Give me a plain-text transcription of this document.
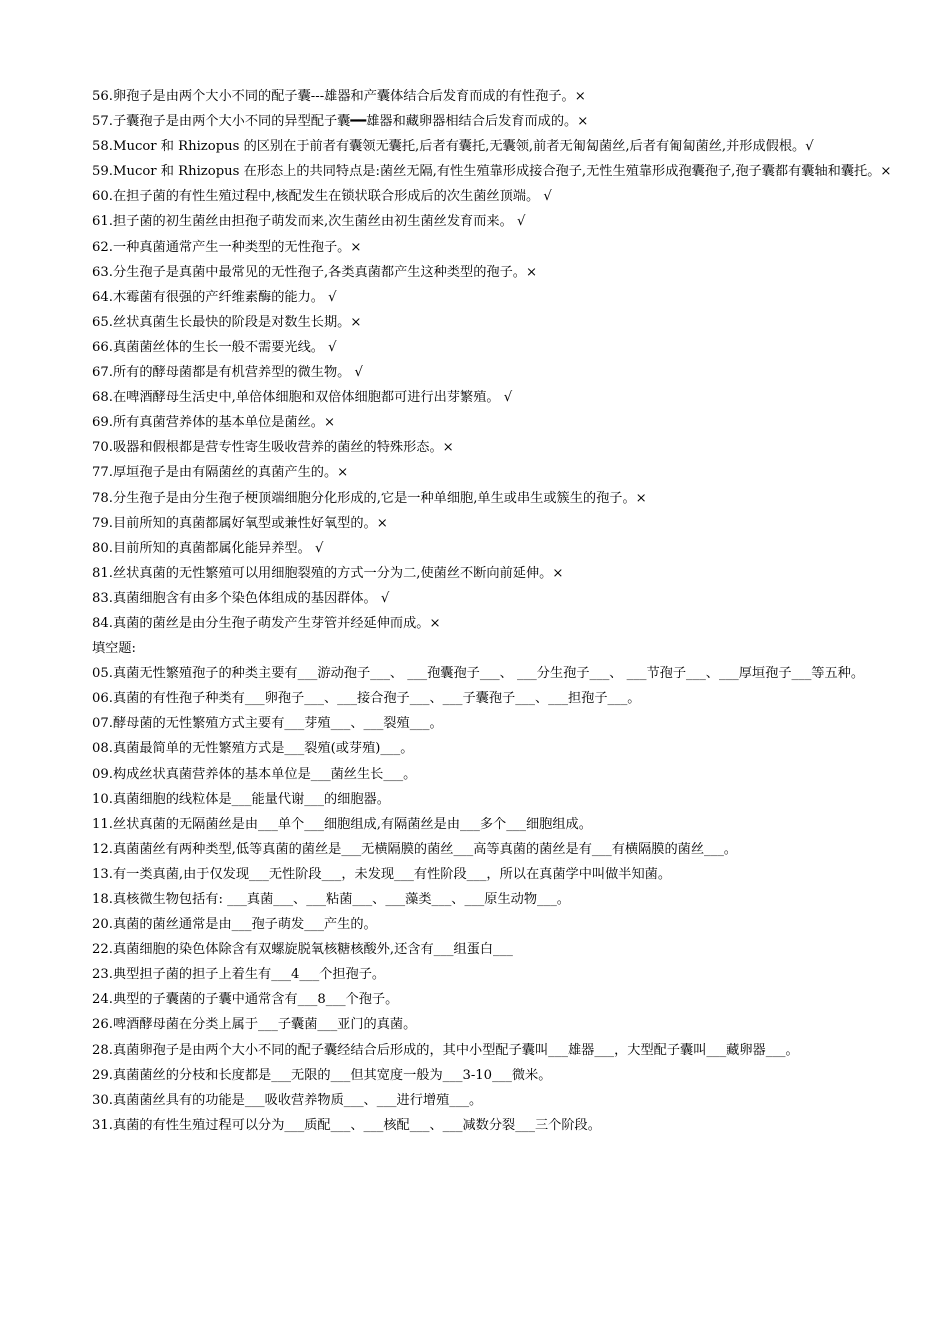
56.卵孢子是由两个大小不同的配子囊---雄器和产囊体结合后发育而成的有性孢子。×

57.子囊孢子是由两个大小不同的异型配子囊━━雄器和藏卵器相结合后发育而成的。×

58.Mucor 和 Rhizopus 的区别在于前者有囊领无囊托,后者有囊托,无囊领,前者无匍匐菌丝,后者有匍匐菌丝,并形成假根。√

59.Mucor 和 Rhizopus 在形态上的共同特点是:菌丝无隔,有性生殖靠形成接合孢子,无性生殖靠形成孢囊孢子,孢子囊都有囊轴和囊托。×

60.在担子菌的有性生殖过程中,核配发生在锁状联合形成后的次生菌丝顶端。 √

61.担子菌的初生菌丝由担孢子萌发而来,次生菌丝由初生菌丝发育而来。 √

62.一种真菌通常产生一种类型的无性孢子。×

63.分生孢子是真菌中最常见的无性孢子,各类真菌都产生这种类型的孢子。×

64.木霉菌有很强的产纤维素酶的能力。 √

65.丝状真菌生长最快的阶段是对数生长期。×

66.真菌菌丝体的生长一般不需要光线。 √

67.所有的酵母菌都是有机营养型的微生物。 √

68.在啤酒酵母生活史中,单倍体细胞和双倍体细胞都可进行出芽繁殖。 √

69.所有真菌营养体的基本单位是菌丝。×

70.吸器和假根都是营专性寄生吸收营养的菌丝的特殊形态。×

77.厚垣孢子是由有隔菌丝的真菌产生的。×

78.分生孢子是由分生孢子梗顶端细胞分化形成的,它是一种单细胞,单生或串生或簇生的孢子。×

79.目前所知的真菌都属好氧型或兼性好氧型的。×

80.目前所知的真菌都属化能异养型。 √

81.丝状真菌的无性繁殖可以用细胞裂殖的方式一分为二,使菌丝不断向前延伸。×

83.真菌细胞含有由多个染色体组成的基因群体。 √

84.真菌的菌丝是由分生孢子萌发产生芽管并经延伸而成。×

填空题:

05.真菌无性繁殖孢子的种类主要有___游动孢子___、 ___孢囊孢子___、 ___分生孢子___、 ___节孢子___、___厚垣孢子___等五种。

06.真菌的有性孢子种类有___卵孢子___、___接合孢子___、___子囊孢子___、___担孢子___。

07.酵母菌的无性繁殖方式主要有___芽殖___、___裂殖___。

08.真菌最简单的无性繁殖方式是___裂殖(或芽殖)___。

09.构成丝状真菌营养体的基本单位是___菌丝生长___。

10.真菌细胞的线粒体是___能量代谢___的细胞器。

11.丝状真菌的无隔菌丝是由___单个___细胞组成,有隔菌丝是由___多个___细胞组成。

12.真菌菌丝有两种类型,低等真菌的菌丝是___无横隔膜的菌丝___高等真菌的菌丝是有___有横隔膜的菌丝___。

13.有一类真菌,由于仅发现___无性阶段___，未发现___有性阶段___，所以在真菌学中叫做半知菌。

18.真核微生物包括有: ___真菌___、___粘菌___、___藻类___、___原生动物___。

20.真菌的菌丝通常是由___孢子萌发___产生的。

22.真菌细胞的染色体除含有双螺旋脱氧核糖核酸外,还含有___组蛋白___

23.典型担子菌的担子上着生有___4___个担孢子。

24.典型的子囊菌的子囊中通常含有___8___个孢子。

26.啤酒酵母菌在分类上属于___子囊菌___亚门的真菌。

28.真菌卵孢子是由两个大小不同的配子囊经结合后形成的，其中小型配子囊叫___雄器___，大型配子囊叫___藏卵器___。

29.真菌菌丝的分枝和长度都是___无限的___但其宽度一般为___3-10___微米。

30.真菌菌丝具有的功能是___吸收营养物质___、___进行增殖___。

31.真菌的有性生殖过程可以分为___质配___、___核配___、___减数分裂___三个阶段。
